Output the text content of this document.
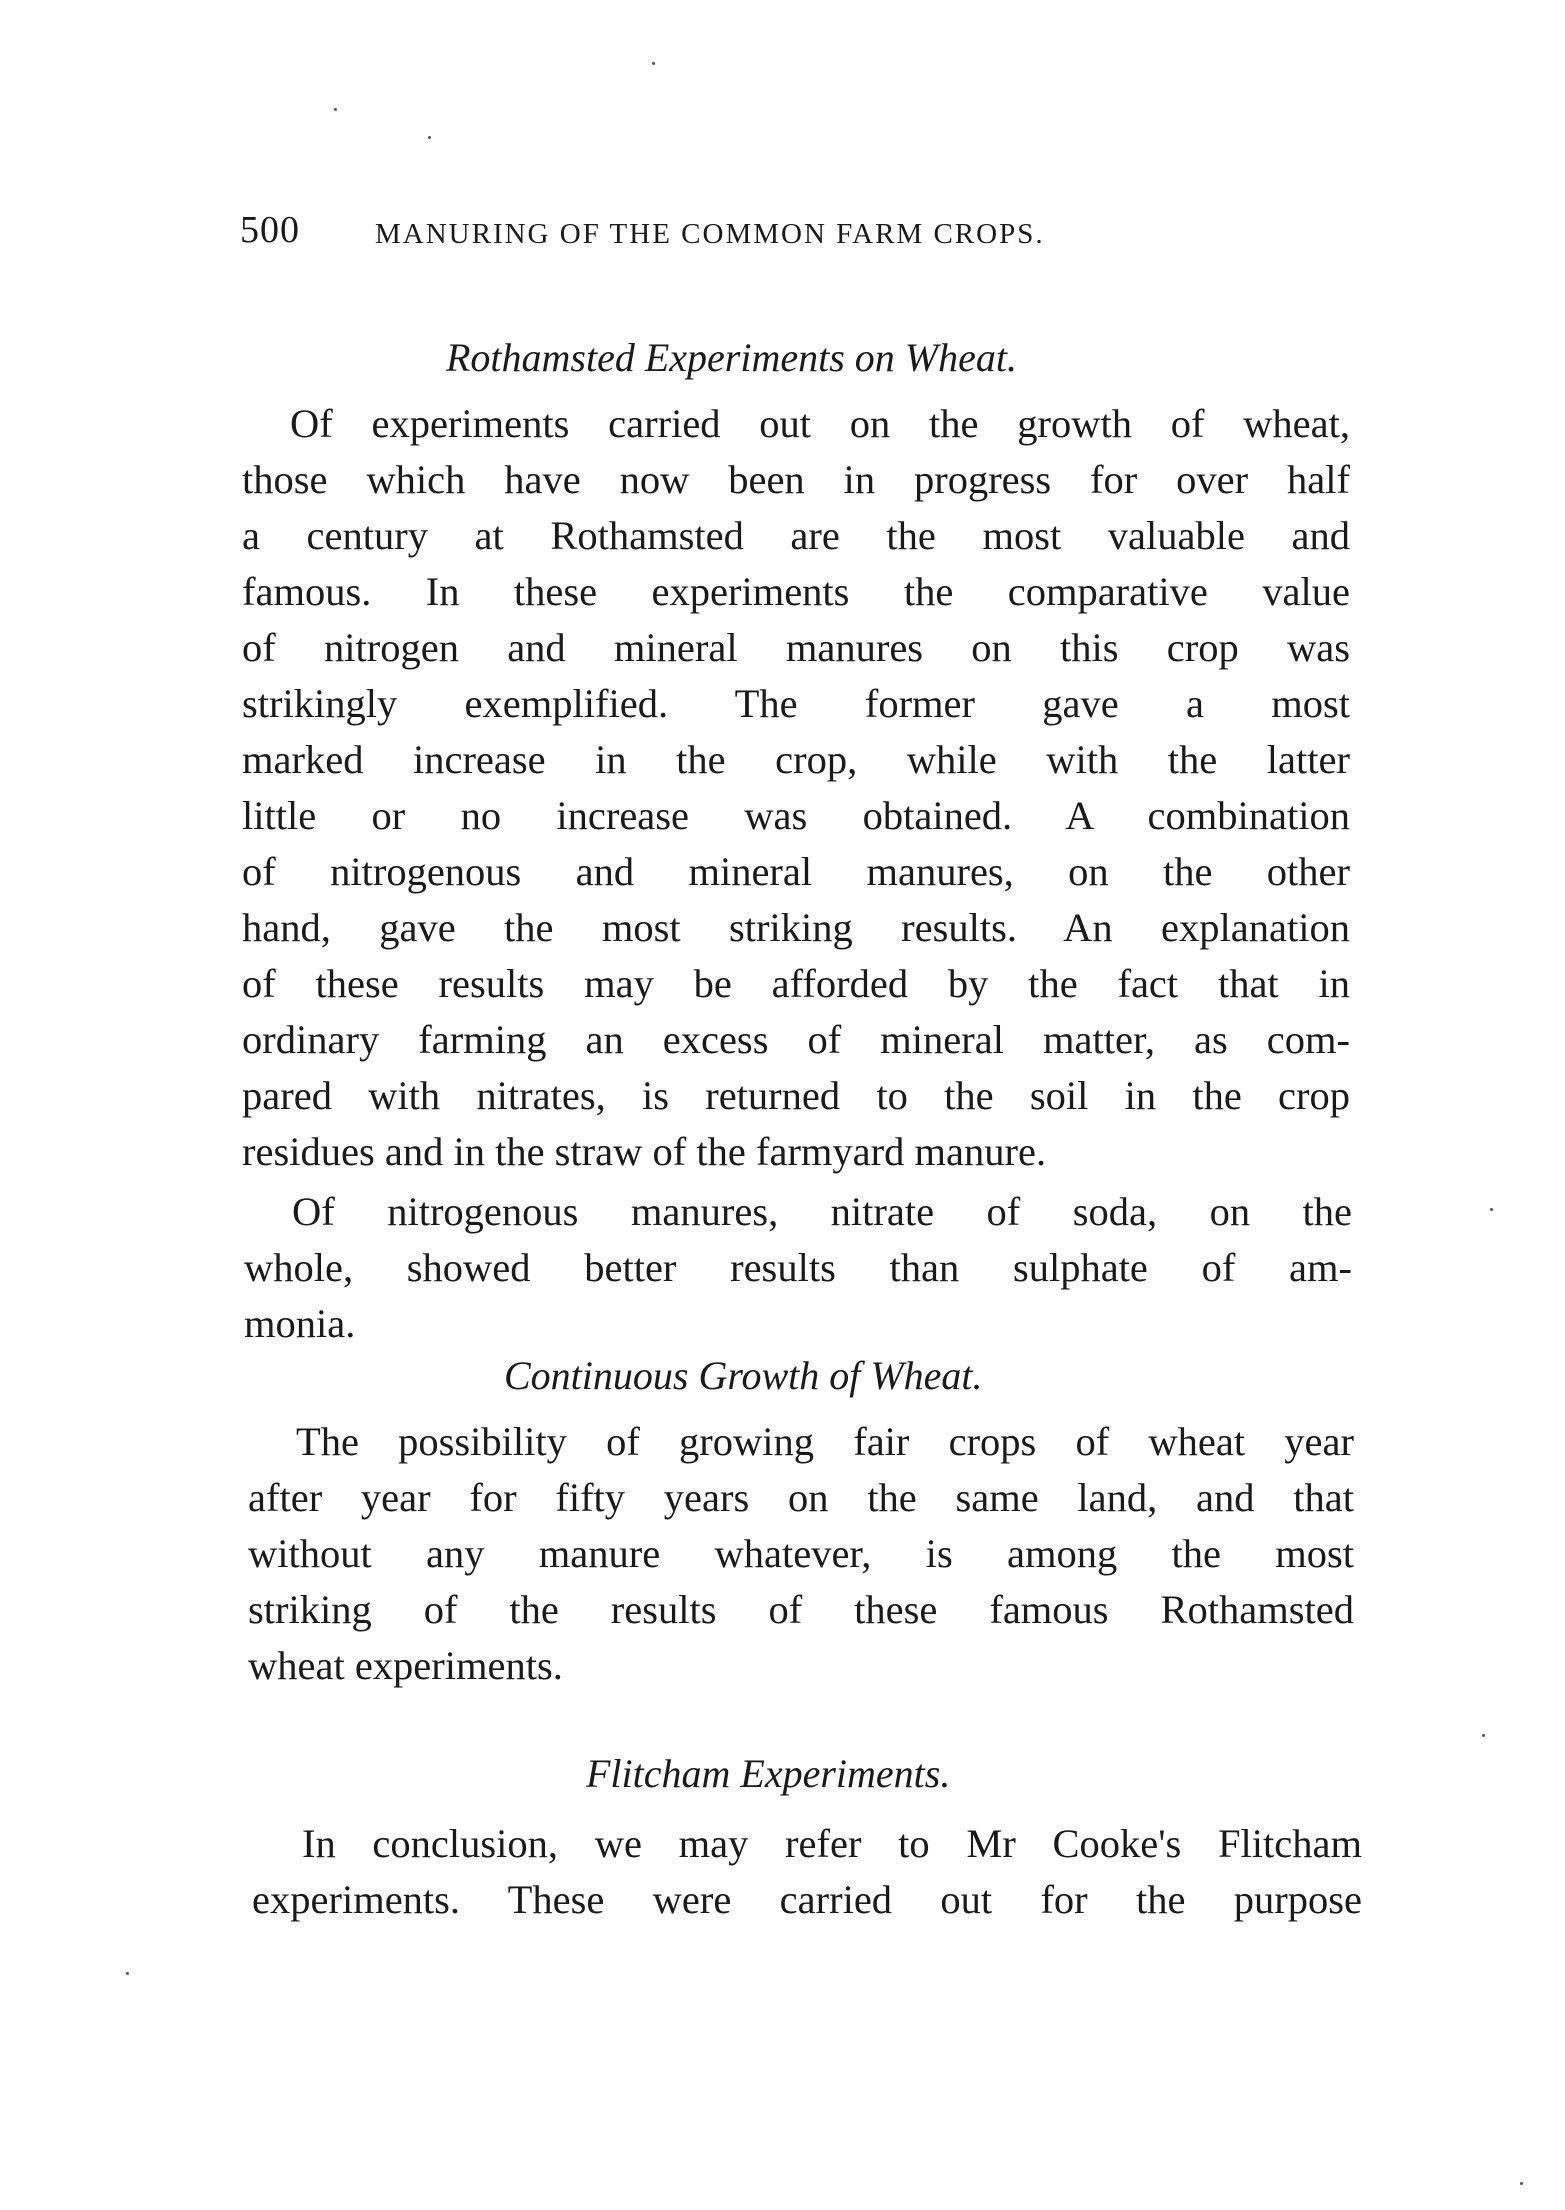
500	MANURING OF THE COMMON FARM CROPS.
Rothamsted Experiments on Wheat.
Of experiments carried out on the growth of wheat,
those which have now been in progress for over half
a century at Rothamsted are the most valuable and
famous. In these experiments the comparative value
of nitrogen and mineral manures on this crop was
strikingly exemplified. The former gave a most
marked increase in the crop, while with the latter
little or no increase was obtained. A combination
of nitrogenous and mineral manures, on the other
hand, gave the most striking results. An explanation
of these results may be afforded by the fact that in
ordinary farming an excess of mineral matter, as com-
pared with nitrates, is returned to the soil in the crop
residues and in the straw of the farmyard manure.
Of nitrogenous manures, nitrate of soda, on the
whole, showed better results than sulphate of am-
monia.
Continuous Growth of Wheat.
The possibility of growing fair crops of wheat year
after year for fifty years on the same land, and that
without any manure whatever, is among the most
striking of the results of these famous Rothamsted
wheat experiments.
Flitcham Experiments.
In conclusion, we may refer to Mr Cooke's Flitcham
experiments. These were carried out for the purpose
